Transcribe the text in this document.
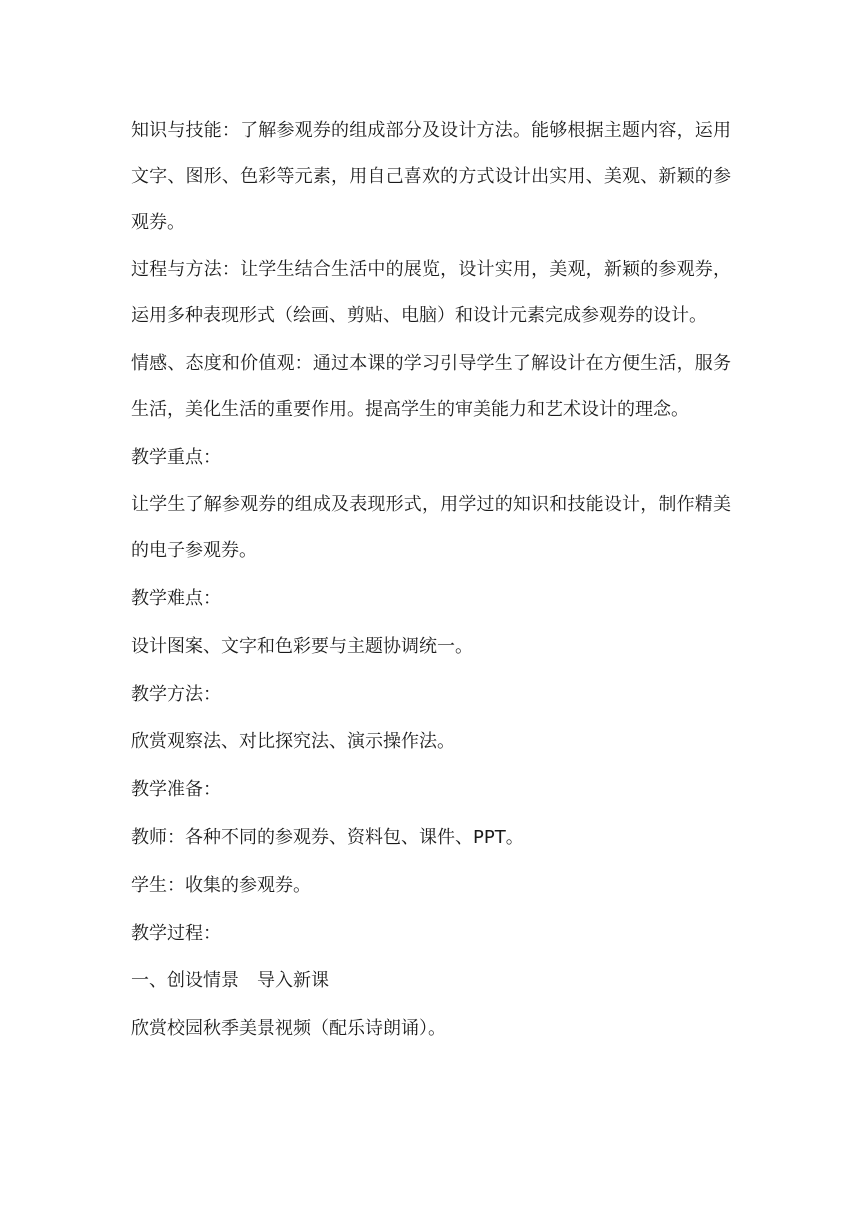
知识与技能：了解参观券的组成部分及设计方法。能够根据主题内容，运用文字、图形、色彩等元素，用自己喜欢的方式设计出实用、美观、新颖的参观券。

过程与方法：让学生结合生活中的展览，设计实用，美观，新颖的参观券，运用多种表现形式（绘画、剪贴、电脑）和设计元素完成参观券的设计。

情感、态度和价值观：通过本课的学习引导学生了解设计在方便生活，服务生活，美化生活的重要作用。提高学生的审美能力和艺术设计的理念。

教学重点：

让学生了解参观券的组成及表现形式，用学过的知识和技能设计，制作精美的电子参观券。

教学难点：

设计图案、文字和色彩要与主题协调统一。

教学方法：

欣赏观察法、对比探究法、演示操作法。

教学准备：

教师：各种不同的参观券、资料包、课件、PPT。

学生：收集的参观券。

教学过程：

一、创设情景　导入新课

欣赏校园秋季美景视频（配乐诗朗诵）。
